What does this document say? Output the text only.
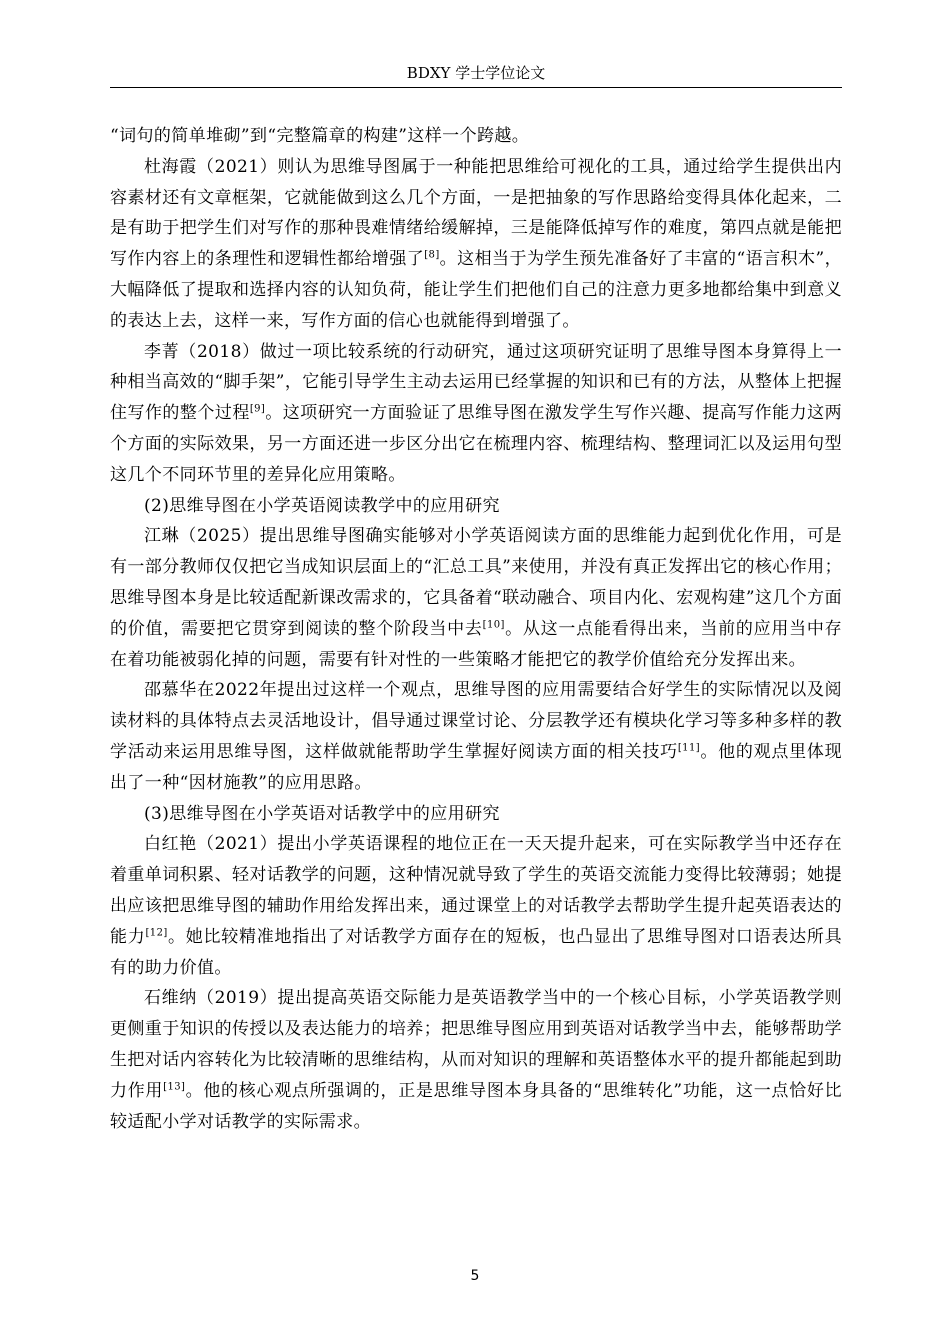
BDXY 学士学位论文

“词句的简单堆砌”到“完整篇章的构建”这样一个跨越。

杜海霞（2021）则认为思维导图属于一种能把思维给可视化的工具，通过给学生提供出内容素材还有文章框架，它就能做到这么几个方面，一是把抽象的写作思路给变得具体化起来，二是有助于把学生们对写作的那种畏难情绪给缓解掉，三是能降低掉写作的难度，第四点就是能把写作内容上的条理性和逻辑性都给增强了[8]。这相当于为学生预先准备好了丰富的“语言积木”，大幅降低了提取和选择内容的认知负荷，能让学生们把他们自己的注意力更多地都给集中到意义的表达上去，这样一来，写作方面的信心也就能得到增强了。

李菁（2018）做过一项比较系统的行动研究，通过这项研究证明了思维导图本身算得上一种相当高效的“脚手架”，它能引导学生主动去运用已经掌握的知识和已有的方法，从整体上把握住写作的整个过程[9]。这项研究一方面验证了思维导图在激发学生写作兴趣、提高写作能力这两个方面的实际效果，另一方面还进一步区分出它在梳理内容、梳理结构、整理词汇以及运用句型这几个不同环节里的差异化应用策略。

(2)思维导图在小学英语阅读教学中的应用研究

江琳（2025）提出思维导图确实能够对小学英语阅读方面的思维能力起到优化作用，可是有一部分教师仅仅把它当成知识层面上的“汇总工具”来使用，并没有真正发挥出它的核心作用；思维导图本身是比较适配新课改需求的，它具备着“联动融合、项目内化、宏观构建”这几个方面的价值，需要把它贯穿到阅读的整个阶段当中去[10]。从这一点能看得出来，当前的应用当中存在着功能被弱化掉的问题，需要有针对性的一些策略才能把它的教学价值给充分发挥出来。

邵慕华在2022年提出过这样一个观点，思维导图的应用需要结合好学生的实际情况以及阅读材料的具体特点去灵活地设计，倡导通过课堂讨论、分层教学还有模块化学习等多种多样的教学活动来运用思维导图，这样做就能帮助学生掌握好阅读方面的相关技巧[11]。他的观点里体现出了一种“因材施教”的应用思路。

(3)思维导图在小学英语对话教学中的应用研究

白红艳（2021）提出小学英语课程的地位正在一天天提升起来，可在实际教学当中还存在着重单词积累、轻对话教学的问题，这种情况就导致了学生的英语交流能力变得比较薄弱；她提出应该把思维导图的辅助作用给发挥出来，通过课堂上的对话教学去帮助学生提升起英语表达的能力[12]。她比较精准地指出了对话教学方面存在的短板，也凸显出了思维导图对口语表达所具有的助力价值。

石维纳（2019）提出提高英语交际能力是英语教学当中的一个核心目标，小学英语教学则更侧重于知识的传授以及表达能力的培养；把思维导图应用到英语对话教学当中去，能够帮助学生把对话内容转化为比较清晰的思维结构，从而对知识的理解和英语整体水平的提升都能起到助力作用[13]。他的核心观点所强调的，正是思维导图本身具备的“思维转化”功能，这一点恰好比较适配小学对话教学的实际需求。

5
